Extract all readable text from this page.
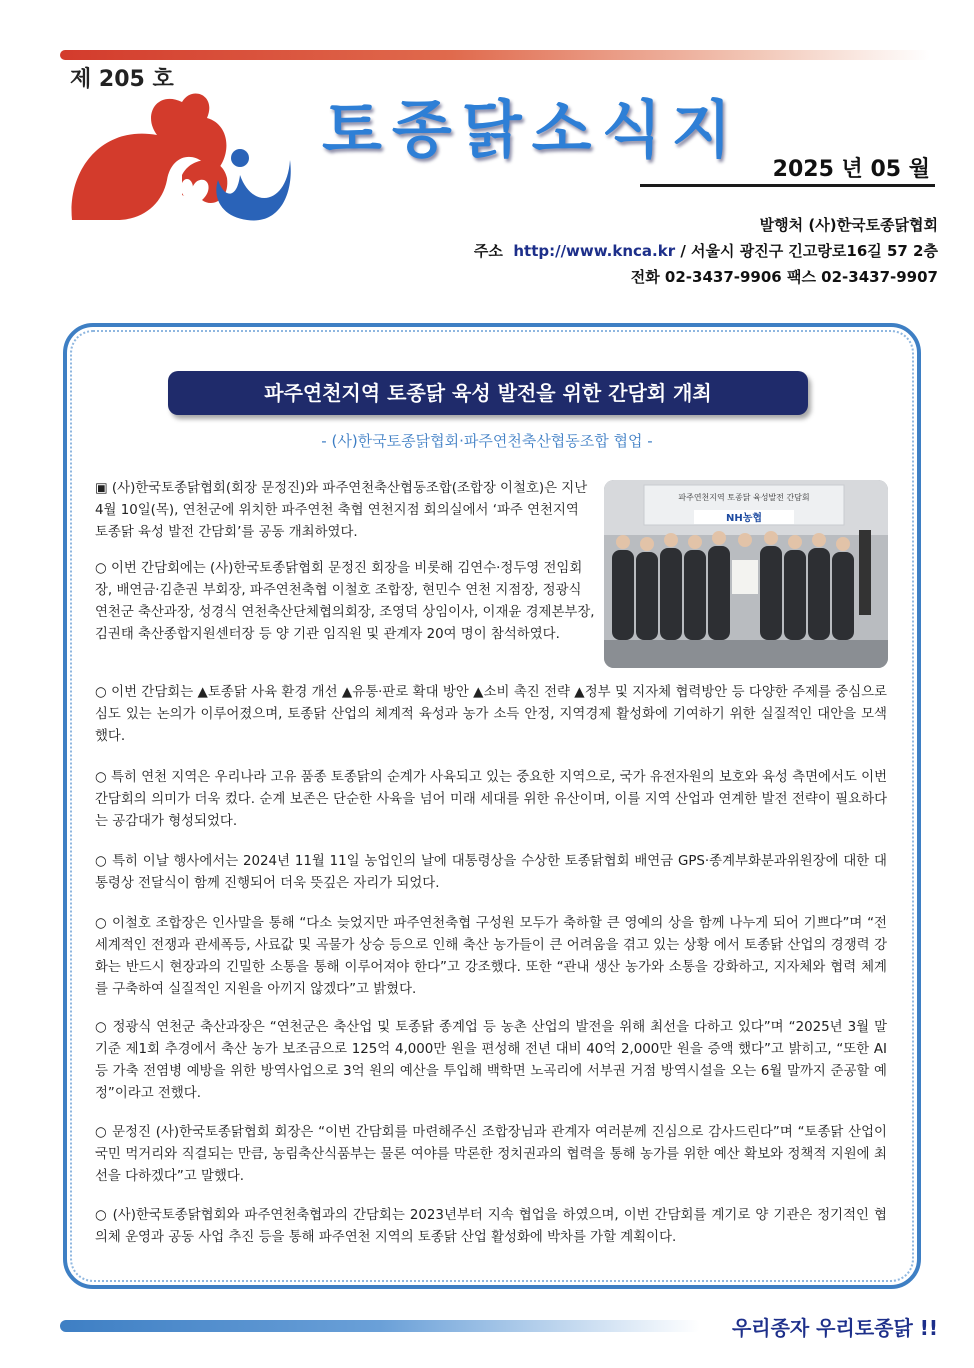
제 205 호
토종닭소식지
2025 년 05 월
발행처 (사)한국토종닭협회
주소 http://www.knca.kr / 서울시 광진구 긴고랑로16길 57 2층
전화 02-3437-9906 팩스 02-3437-9907
파주연천지역 토종닭 육성 발전을 위한 간담회 개최
- (사)한국토종닭협회·파주연천축산협동조합 협업 -
파주연천지역 토종닭 육성발전 간담회
NH농협

▣ (사)한국토종닭협회(회장 문정진)와 파주연천축산협동조합(조합장 이철호)은 지난 4월 10일(목), 연천군에 위치한 파주연천 축협 연천지점 회의실에서 ‘파주 연천지역 토종닭 육성 발전 간담회’를 공동 개최하였다.

○ 이번 간담회에는 (사)한국토종닭협회 문정진 회장을 비롯해 김연수·정두영 전임회장, 배연금·김춘권 부회장, 파주연천축협 이철호 조합장, 현민수 연천 지점장, 정광식 연천군 축산과장, 성경식 연천축산단체협의회장, 조영덕 상임이사, 이재윤 경제본부장, 김권태 축산종합지원센터장 등 양 기관 임직원 및 관계자 20여 명이 참석하였다.

○ 이번 간담회는 ▲토종닭 사육 환경 개선 ▲유통·판로 확대 방안 ▲소비 촉진 전략 ▲정부 및 지자체 협력방안 등 다양한 주제를 중심으로 심도 있는 논의가 이루어졌으며, 토종닭 산업의 체계적 육성과 농가 소득 안정, 지역경제 활성화에 기여하기 위한 실질적인 대안을 모색했다.

○ 특히 연천 지역은 우리나라 고유 품종 토종닭의 순계가 사육되고 있는 중요한 지역으로, 국가 유전자원의 보호와 육성 측면에서도 이번 간담회의 의미가 더욱 컸다. 순계 보존은 단순한 사육을 넘어 미래 세대를 위한 유산이며, 이를 지역 산업과 연계한 발전 전략이 필요하다는 공감대가 형성되었다.

○ 특히 이날 행사에서는 2024년 11월 11일 농업인의 날에 대통령상을 수상한 토종닭협회 배연금 GPS·종계부화분과위원장에 대한 대통령상 전달식이 함께 진행되어 더욱 뜻깊은 자리가 되었다.

○ 이철호 조합장은 인사말을 통해 “다소 늦었지만 파주연천축협 구성원 모두가 축하할 큰 영예의 상을 함께 나누게 되어 기쁘다”며 “전 세계적인 전쟁과 관세폭등, 사료값 및 곡물가 상승 등으로 인해 축산 농가들이 큰 어려움을 겪고 있는 상황 에서 토종닭 산업의 경쟁력 강화는 반드시 현장과의 긴밀한 소통을 통해 이루어져야 한다”고 강조했다. 또한 “관내 생산 농가와 소통을 강화하고, 지자체와 협력 체계를 구축하여 실질적인 지원을 아끼지 않겠다”고 밝혔다.

○ 정광식 연천군 축산과장은 “연천군은 축산업 및 토종닭 종계업 등 농촌 산업의 발전을 위해 최선을 다하고 있다”며 “2025년 3월 말 기준 제1회 추경에서 축산 농가 보조금으로 125억 4,000만 원을 편성해 전년 대비 40억 2,000만 원을 증액 했다”고 밝히고, “또한 AI 등 가축 전염병 예방을 위한 방역사업으로 3억 원의 예산을 투입해 백학면 노곡리에 서부권 거점 방역시설을 오는 6월 말까지 준공할 예정”이라고 전했다.

○ 문정진 (사)한국토종닭협회 회장은 “이번 간담회를 마련해주신 조합장님과 관계자 여러분께 진심으로 감사드린다”며 “토종닭 산업이 국민 먹거리와 직결되는 만큼, 농림축산식품부는 물론 여야를 막론한 정치권과의 협력을 통해 농가를 위한 예산 확보와 정책적 지원에 최선을 다하겠다”고 말했다.

○ (사)한국토종닭협회와 파주연천축협과의 간담회는 2023년부터 지속 협업을 하였으며, 이번 간담회를 계기로 양 기관은 정기적인 협의체 운영과 공동 사업 추진 등을 통해 파주연천 지역의 토종닭 산업 활성화에 박차를 가할 계획이다.

우리종자 우리토종닭 !!
